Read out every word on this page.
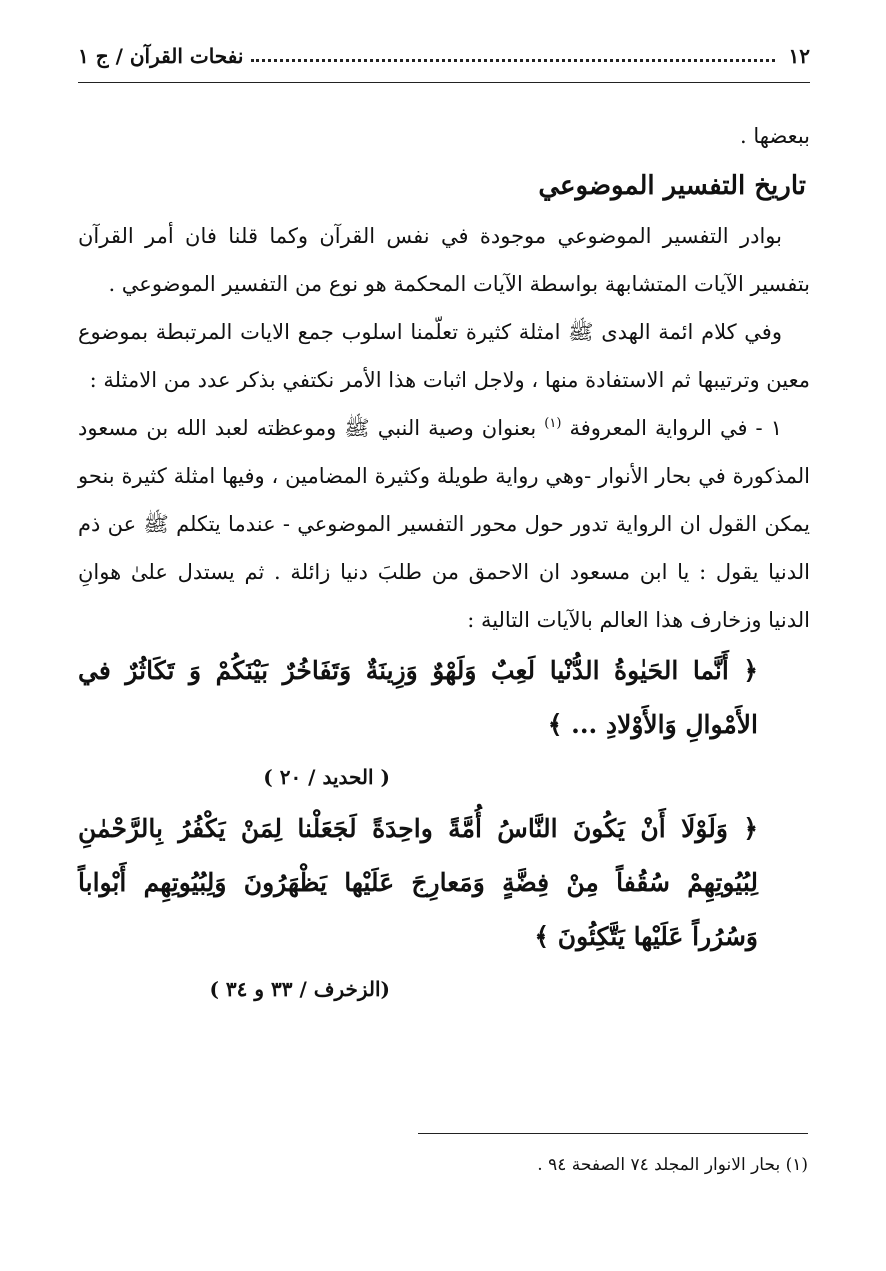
١٢
نفحات القرآن / ج ١

ببعضها .

تاريخ التفسير الموضوعي

بوادر التفسير الموضوعي موجودة في نفس القرآن وكما قلنا فان أمر القرآن بتفسير الآيات المتشابهة بواسطة الآيات المحكمة هو نوع من التفسير الموضوعي .

وفي كلام ائمة الهدى ﷺ امثلة كثيرة تعلّمنا اسلوب جمع الايات المرتبطة بموضوع معين وترتيبها ثم الاستفادة منها ، ولاجل اثبات هذا الأمر نكتفي بذكر عدد من الامثلة :

١ - في الرواية المعروفة $^{(١)}$ بعنوان وصية النبي ﷺ وموعظته لعبد الله بن مسعود المذكورة في بحار الأنوار -وهي رواية طويلة وكثيرة المضامين ، وفيها امثلة كثيرة بنحو يمكن القول ان الرواية تدور حول محور التفسير الموضوعي - عندما يتكلم ﷺ عن ذم الدنيا يقول : يا ابن مسعود ان الاحمق من طلبَ دنيا زائلة . ثم يستدل علىٰ هوانِ الدنيا وزخارف هذا العالم بالآيات التالية :

﴿ أَنَّما الحَيٰوةُ الدُّنْيا لَعِبٌ وَلَهْوٌ وَزِينَةٌ وَتَفَاخُرٌ بَيْنَكُمْ وَ تَكَاثُرٌ في الأَمْوالِ وَالأَوْلادِ ... ﴾

( الحديد / ٢٠ )

﴿ وَلَوْلَا أَنْ يَكُونَ النَّاسُ أُمَّةً واحِدَةً لَجَعَلْنا لِمَنْ يَكْفُرُ بِالرَّحْمٰنِ لِبُيُوتِهِمْ سُقُفاً مِنْ فِضَّةٍ وَمَعارِجَ عَلَيْها يَظْهَرُونَ وَلِبُيُوتِهِم أَبْواباً وَسُرُراً عَلَيْها يَتَّكِئُونَ ﴾

(الزخرف / ٣٣ و ٣٤ )

(١) بحار الانوار المجلد ٧٤ الصفحة ٩٤ .
